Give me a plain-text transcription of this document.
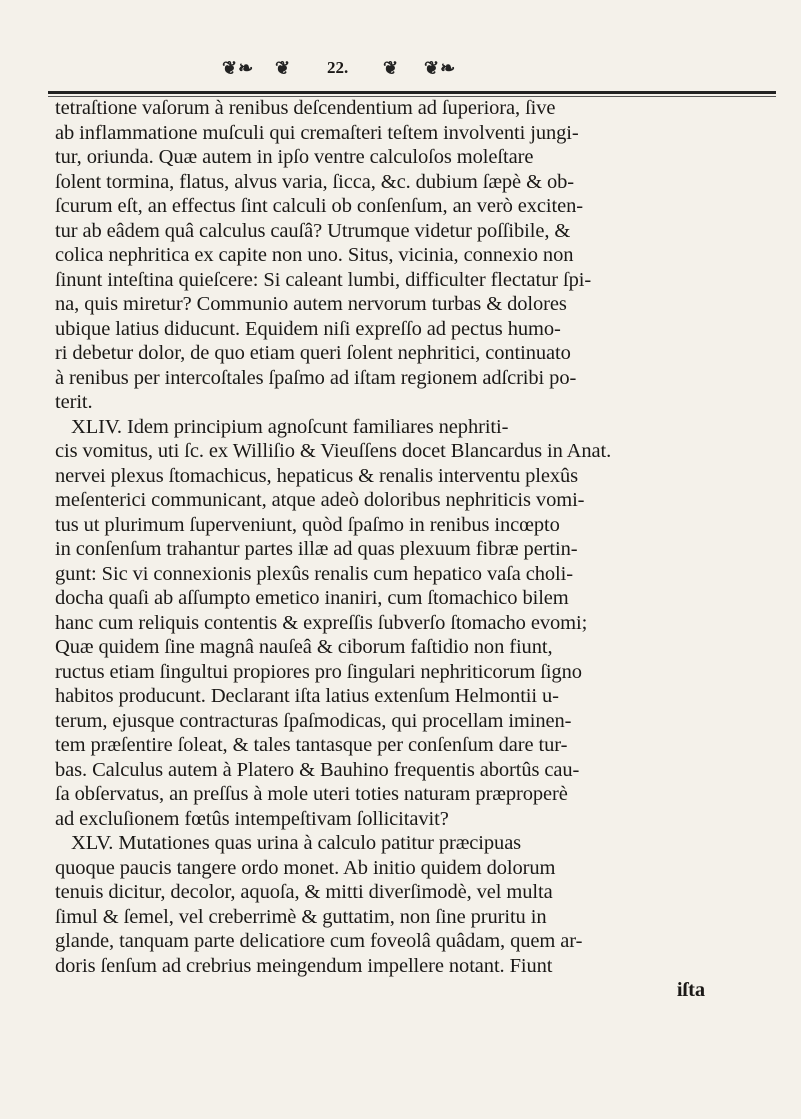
❦❧ ❦ 22. ❦ ❦❧
tetraſtione vaſorum à renibus deſcendentium ad ſuperiora, ſive
ab inflammatione muſculi qui cremaſteri teſtem involventi jungi-
tur, oriunda. Quæ autem in ipſo ventre calculoſos moleſtare
ſolent tormina, flatus, alvus varia, ſicca, &c. dubium ſæpè & ob-
ſcurum eſt, an effectus ſint calculi ob conſenſum, an verò exciten-
tur ab eâdem quâ calculus cauſâ? Utrumque videtur poſſibile, &
colica nephritica ex capite non uno. Situs, vicinia, connexio non
ſinunt inteſtina quieſcere: Si caleant lumbi, difficulter flectatur ſpi-
na, quis miretur? Communio autem nervorum turbas & dolores
ubique latius diducunt. Equidem niſi expreſſo ad pectus humo-
ri debetur dolor, de quo etiam queri ſolent nephritici, continuato
à renibus per intercoſtales ſpaſmo ad iſtam regionem adſcribi po-
terit.
XLIV. Idem principium agnoſcunt familiares nephriti-
cis vomitus, uti ſc. ex Williſio & Vieuſſens docet Blancardus in Anat.
nervei plexus ſtomachicus, hepaticus & renalis interventu plexûs
meſenterici communicant, atque adeò doloribus nephriticis vomi-
tus ut plurimum ſuperveniunt, quòd ſpaſmo in renibus incœpto
in conſenſum trahantur partes illæ ad quas plexuum fibræ pertin-
gunt: Sic vi connexionis plexûs renalis cum hepatico vaſa choli-
docha quaſi ab aſſumpto emetico inaniri, cum ſtomachico bilem
hanc cum reliquis contentis & expreſſis ſubverſo ſtomacho evomi;
Quæ quidem ſine magnâ nauſeâ & ciborum faſtidio non fiunt,
ructus etiam ſingultui propiores pro ſingulari nephriticorum ſigno
habitos producunt. Declarant iſta latius extenſum Helmontii u-
terum, ejusque contracturas ſpaſmodicas, qui procellam iminen-
tem præſentire ſoleat, & tales tantasque per conſenſum dare tur-
bas. Calculus autem à Platero & Bauhino frequentis abortûs cau-
ſa obſervatus, an preſſus à mole uteri toties naturam præproperè
ad excluſionem fœtûs intempeſtivam ſollicitavit?
XLV. Mutationes quas urina à calculo patitur præcipuas
quoque paucis tangere ordo monet. Ab initio quidem dolorum
tenuis dicitur, decolor, aquoſa, & mitti diverſimodè, vel multa
ſimul & ſemel, vel creberrimè & guttatim, non ſine pruritu in
glande, tanquam parte delicatiore cum foveolâ quâdam, quem ar-
doris ſenſum ad crebrius meingendum impellere notant. Fiunt
iſta
